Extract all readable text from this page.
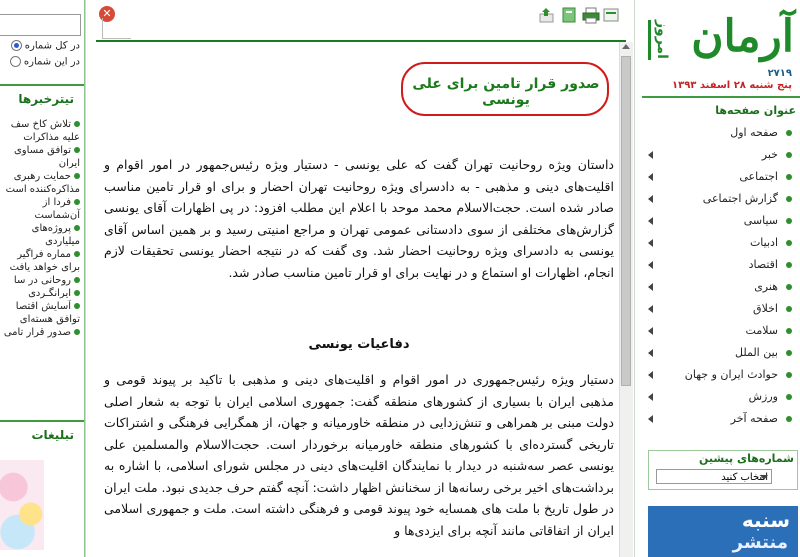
در کل شماره
در این شماره
تیترخبرها
تلاش کاخ سف علیه مذاکرات
توافق مساوی ایران
حمایت رهبری مذاکره‌کننده است
فردا از آن‌شماست
پروژه‌های میلیاردی
مماره فراگیر برای خواهد یافت
روحانی در سا
ایرانگـردی
آسایش اقتصا توافق هسته‌ای
صدور قرار تامی
تبلیغات
✕
صدور قرار تامین برای علی یونسی
داستان ویژه روحانیت تهران گفت که علی یونسی - دستیار ویژه رئیس‌جمهور در امور اقوام و اقلیت‌های دینی و مذهبی - به دادسرای ویژه روحانیت تهران احضار و برای او قرار تامین مناسب صادر شده است. حجت‌الاسلام محمد موحد با اعلام این مطلب افزود: در پی اظهارات آقای یونسی گزارش‌های مختلفی از سوی دادستانی عمومی تهران و مراجع امنیتی رسید و بر همین اساس آقای یونسی به دادسرای ویژه روحانیت احضار شد. وی گفت که در نتیجه احضار یونسی تحقیقات لازم انجام، اظهارات او استماع و در نهایت برای او قرار تامین مناسب صادر شد.
دفاعیات یونسی
دستیار ویژه رئیس‌جمهوری در امور اقوام و اقلیت‌های دینی و مذهبی با تاکید بر پیوند قومی و مذهبی ایران با بسیاری از کشورهای منطقه گفت: جمهوری اسلامی ایران با توجه به شعار اصلی دولت مبنی بر همراهی و تنش‌زدایی در منطقه خاورمیانه و جهان، از همگرایی فرهنگی و اشتراکات تاریخی گسترده‌ای با کشورهای منطقه خاورمیانه برخوردار است. حجت‌الاسلام والمسلمین علی یونسی عصر سه‌شنبه در دیدار با نمایندگان اقلیت‌های دینی در مجلس شورای اسلامی، با اشاره به برداشت‌های اخیر برخی رسانه‌ها از سخنانش اظهار داشت: آنچه گفتم حرف جدیدی نبود. ملت ایران در طول تاریخ با ملت های همسایه خود پیوند قومی و فرهنگی داشته است. ملت و جمهوری اسلامی ایران از اتفاقاتی مانند آنچه برای ایزدی‌ها و
آرمان
امروز
۲۷۱۹
پنج شنبه ۲۸ اسفند ۱۳۹۳
عنوان صفحه‌ها
صفحه اول
خبر
اجتماعی
گزارش اجتماعی
سیاسی
ادبیات
اقتصاد
هنری
اخلاق
سلامت
بین الملل
حوادث ایران و جهان
ورزش
صفحه آخر
شماره‌های پیشین
انتخاب کنید
سنبه
منتشر
